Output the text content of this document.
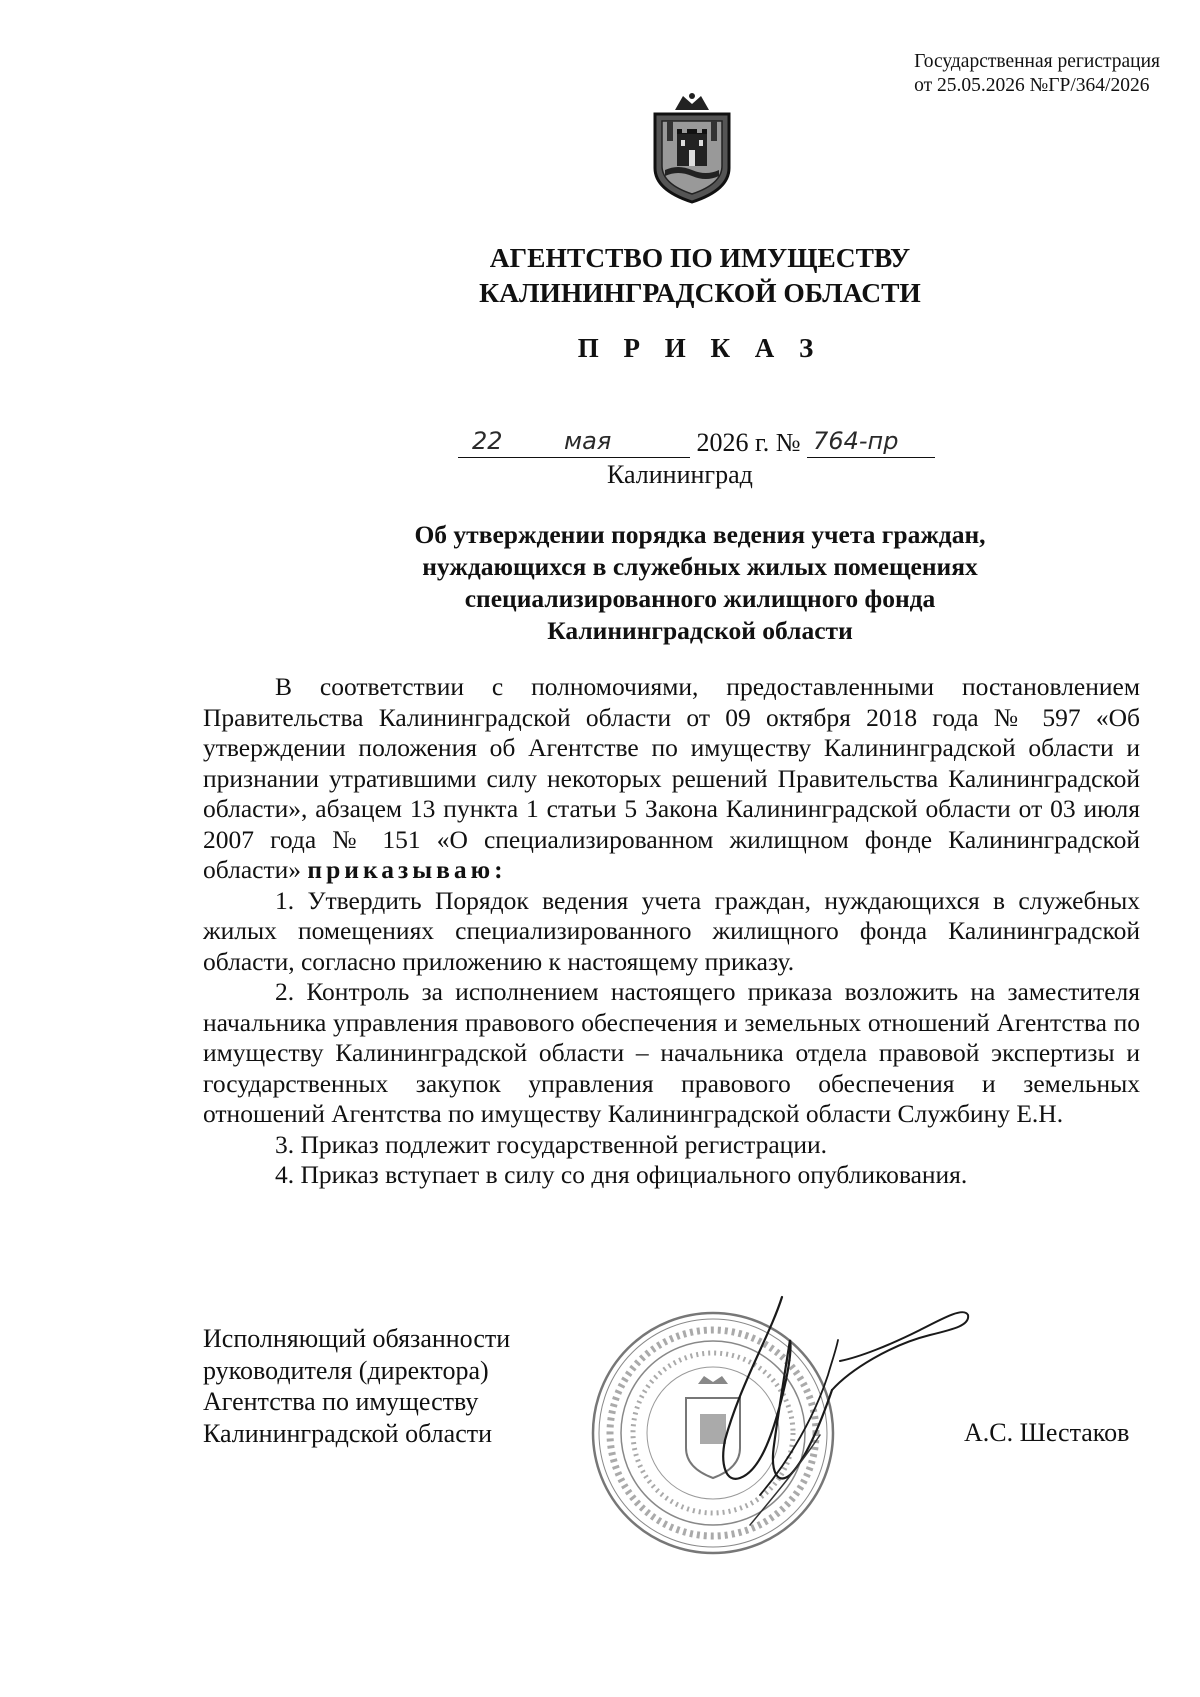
Государственная регистрация
от 25.05.2026 №ГР/364/2026
АГЕНТСТВО ПО ИМУЩЕСТВУ
КАЛИНИНГРАДСКОЙ ОБЛАСТИ
П Р И К А З
22	мая	2026 г. № 764-пр
Калининград
Об утверждении порядка ведения учета граждан,
нуждающихся в служебных жилых помещениях
специализированного жилищного фонда
Калининградской области

В соответствии с полномочиями, предоставленными постановлением Правительства Калининградской области от 09 октября 2018 года № 597 «Об утверждении положения об Агентстве по имуществу Калининградской области и признании утратившими силу некоторых решений Правительства Калининградской области», абзацем 13 пункта 1 статьи 5 Закона Калининградской области от 03 июля 2007 года № 151 «О специализированном жилищном фонде Калининградской области» приказываю:

1. Утвердить Порядок ведения учета граждан, нуждающихся в служебных жилых помещениях специализированного жилищного фонда Калининградской области, согласно приложению к настоящему приказу.

2. Контроль за исполнением настоящего приказа возложить на заместителя начальника управления правового обеспечения и земельных отношений Агентства по имуществу Калининградской области – начальника отдела правовой экспертизы и государственных закупок управления правового обеспечения и земельных отношений Агентства по имуществу Калининградской области Службину Е.Н.

3. Приказ подлежит государственной регистрации.

4. Приказ вступает в силу со дня официального опубликования.

Исполняющий обязанности
руководителя (директора)
Агентства по имуществу
Калининградской области	А.С. Шестаков
